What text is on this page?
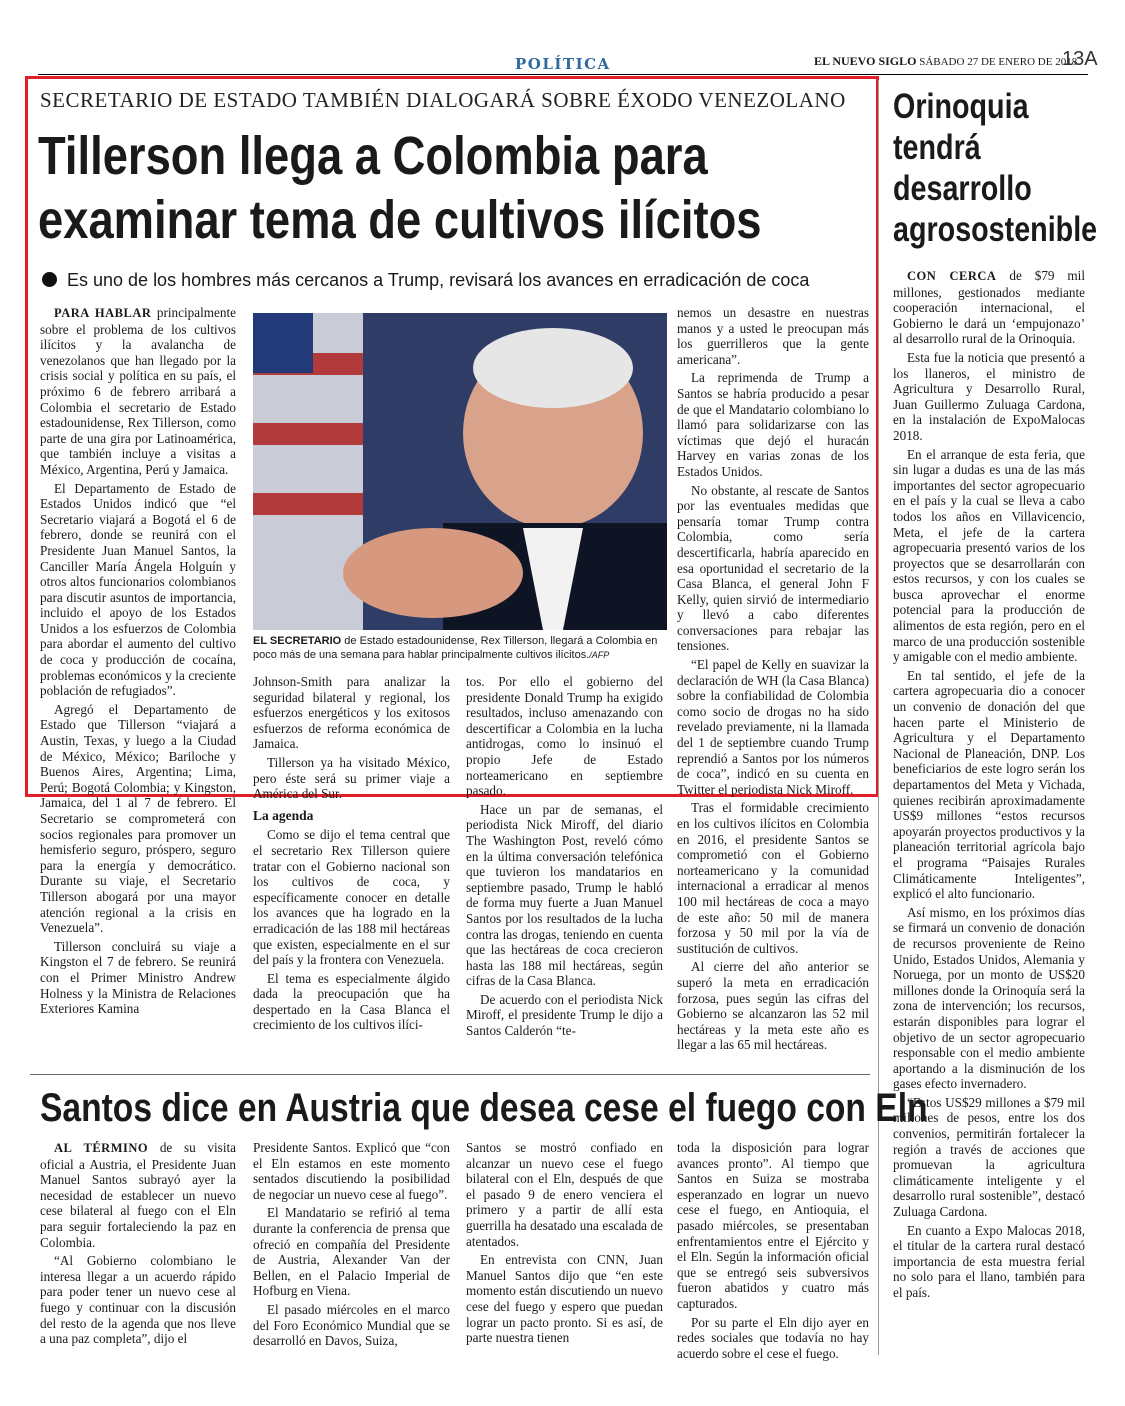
POLÍTICA	EL NUEVO SIGLO SÁBADO 27 DE ENERO DE 2018
13A
SECRETARIO DE ESTADO TAMBIÉN DIALOGARÁ SOBRE ÉXODO VENEZOLANO
Tillerson llega a Colombia para
examinar tema de cultivos ilícitos
Es uno de los hombres más cercanos a Trump, revisará los avances en erradicación de coca

PARA HABLAR principalmente sobre el problema de los cultivos ilícitos y la avalancha de venezolanos que han llegado por la crisis social y política en su país, el próximo 6 de febrero arribará a Colombia el secretario de Estado estadounidense, Rex Tillerson, como parte de una gira por Latinoamérica, que también incluye a visitas a México, Argentina, Perú y Jamaica.

El Departamento de Estado de Estados Unidos indicó que “el Secretario viajará a Bogotá el 6 de febrero, donde se reunirá con el Presidente Juan Manuel Santos, la Canciller María Ángela Holguín y otros altos funcionarios colombianos para discutir asuntos de importancia, incluido el apoyo de los Estados Unidos a los esfuerzos de Colombia para abordar el aumento del cultivo de coca y producción de cocaína, problemas económicos y la creciente población de refugiados”.

Agregó el Departamento de Estado que Tillerson “viajará a Austin, Texas, y luego a la Ciudad de México, México; Bariloche y Buenos Aires, Argentina; Lima, Perú; Bogotá Colombia; y Kingston, Jamaica, del 1 al 7 de febrero. El Secretario se comprometerá con socios regionales para promover un hemisferio seguro, próspero, seguro para la energía y democrático. Durante su viaje, el Secretario Tillerson abogará por una mayor atención regional a la crisis en Venezuela”.

Tillerson concluirá su viaje a Kingston el 7 de febrero. Se reunirá con el Primer Ministro Andrew Holness y la Ministra de Relaciones Exteriores Kamina

EL SECRETARIO de Estado estadounidense, Rex Tillerson, llegará a Colombia en poco más de una semana para hablar principalmente cultivos ilícitos./AFP

Johnson-Smith para analizar la seguridad bilateral y regional, los esfuerzos energéticos y los exitosos esfuerzos de reforma económica de Jamaica.

Tillerson ya ha visitado México, pero éste será su primer viaje a América del Sur.

La agenda

Como se dijo el tema central que el secretario Rex Tillerson quiere tratar con el Gobierno nacional son los cultivos de coca, y específicamente conocer en detalle los avances que ha logrado en la erradicación de las 188 mil hectáreas que existen, especialmente en el sur del país y la frontera con Venezuela.

El tema es especialmente álgido dada la preocupación que ha despertado en la Casa Blanca el crecimiento de los cultivos ilíci-

tos. Por ello el gobierno del presidente Donald Trump ha exigido resultados, incluso amenazando con descertificar a Colombia en la lucha antidrogas, como lo insinuó el propio Jefe de Estado norteamericano en septiembre pasado.

Hace un par de semanas, el periodista Nick Miroff, del diario The Washington Post, reveló cómo en la última conversación telefónica que tuvieron los mandatarios en septiembre pasado, Trump le habló de forma muy fuerte a Juan Manuel Santos por los resultados de la lucha contra las drogas, teniendo en cuenta que las hectáreas de coca crecieron hasta las 188 mil hectáreas, según cifras de la Casa Blanca.

De acuerdo con el periodista Nick Miroff, el presidente Trump le dijo a Santos Calderón “te-

nemos un desastre en nuestras manos y a usted le preocupan más los guerrilleros que la gente americana”.

La reprimenda de Trump a Santos se habría producido a pesar de que el Mandatario colombiano lo llamó para solidarizarse con las víctimas que dejó el huracán Harvey en varias zonas de los Estados Unidos.

No obstante, al rescate de Santos por las eventuales medidas que pensaría tomar Trump contra Colombia, como sería descertificarla, habría aparecido en esa oportunidad el secretario de la Casa Blanca, el general John F Kelly, quien sirvió de intermediario y llevó a cabo diferentes conversaciones para rebajar las tensiones.

“El papel de Kelly en suavizar la declaración de WH (la Casa Blanca) sobre la confiabilidad de Colombia como socio de drogas no ha sido revelado previamente, ni la llamada del 1 de septiembre cuando Trump reprendió a Santos por los números de coca”, indicó en su cuenta en Twitter el periodista Nick Miroff.

Tras el formidable crecimiento en los cultivos ilícitos en Colombia en 2016, el presidente Santos se comprometió con el Gobierno norteamericano y la comunidad internacional a erradicar al menos 100 mil hectáreas de coca a mayo de este año: 50 mil de manera forzosa y 50 mil por la vía de sustitución de cultivos.

Al cierre del año anterior se superó la meta en erradicación forzosa, pues según las cifras del Gobierno se alcanzaron las 52 mil hectáreas y la meta este año es llegar a las 65 mil hectáreas.

Orinoquia
tendrá
desarrollo
agrosostenible

CON CERCA de $79 mil millones, gestionados mediante cooperación internacional, el Gobierno le dará un ‘empujonazo’ al desarrollo rural de la Orinoquia.

Esta fue la noticia que presentó a los llaneros, el ministro de Agricultura y Desarrollo Rural, Juan Guillermo Zuluaga Cardona, en la instalación de ExpoMalocas 2018.

En el arranque de esta feria, que sin lugar a dudas es una de las más importantes del sector agropecuario en el país y la cual se lleva a cabo todos los años en Villavicencio, Meta, el jefe de la cartera agropecuaria presentó varios de los proyectos que se desarrollarán con estos recursos, y con los cuales se busca aprovechar el enorme potencial para la producción de alimentos de esta región, pero en el marco de una producción sostenible y amigable con el medio ambiente.

En tal sentido, el jefe de la cartera agropecuaria dio a conocer un convenio de donación del que hacen parte el Ministerio de Agricultura y el Departamento Nacional de Planeación, DNP. Los beneficiarios de este logro serán los departamentos del Meta y Vichada, quienes recibirán aproximadamente US$9 millones “estos recursos apoyarán proyectos productivos y la planeación territorial agrícola bajo el programa “Paisajes Rurales Climáticamente Inteligentes”, explicó el alto funcionario.

Así mismo, en los próximos días se firmará un convenio de donación de recursos proveniente de Reino Unido, Estados Unidos, Alemania y Noruega, por un monto de US$20 millones donde la Orinoquía será la zona de intervención; los recursos, estarán disponibles para lograr el objetivo de un sector agropecuario responsable con el medio ambiente aportando a la disminución de los gases efecto invernadero.

“Estos US$29 millones a $79 mil millones de pesos, entre los dos convenios, permitirán fortalecer la región a través de acciones que promuevan la agricultura climáticamente inteligente y el desarrollo rural sostenible”, destacó Zuluaga Cardona.

En cuanto a Expo Malocas 2018, el titular de la cartera rural destacó importancia de esta muestra ferial no solo para el llano, también para el país.

Santos dice en Austria que desea cese el fuego con Eln

AL TÉRMINO de su visita oficial a Austria, el Presidente Juan Manuel Santos subrayó ayer la necesidad de establecer un nuevo cese bilateral al fuego con el Eln para seguir fortaleciendo la paz en Colombia.

“Al Gobierno colombiano le interesa llegar a un acuerdo rápido para poder tener un nuevo cese al fuego y continuar con la discusión del resto de la agenda que nos lleve a una paz completa”, dijo el

Presidente Santos. Explicó que “con el Eln estamos en este momento sentados discutiendo la posibilidad de negociar un nuevo cese al fuego”.

El Mandatario se refirió al tema durante la conferencia de prensa que ofreció en compañía del Presidente de Austria, Alexander Van der Bellen, en el Palacio Imperial de Hofburg en Viena.

El pasado miércoles en el marco del Foro Económico Mundial que se desarrolló en Davos, Suiza,

Santos se mostró confiado en alcanzar un nuevo cese el fuego bilateral con el Eln, después de que el pasado 9 de enero venciera el primero y a partir de allí esta guerrilla ha desatado una escalada de atentados.

En entrevista con CNN, Juan Manuel Santos dijo que “en este momento están discutiendo un nuevo cese del fuego y espero que puedan lograr un pacto pronto. Si es así, de parte nuestra tienen

toda la disposición para lograr avances pronto”. Al tiempo que Santos en Suiza se mostraba esperanzado en lograr un nuevo cese el fuego, en Antioquia, el pasado miércoles, se presentaban enfrentamientos entre el Ejército y el Eln. Según la información oficial que se entregó seis subversivos fueron abatidos y cuatro más capturados.

Por su parte el Eln dijo ayer en redes sociales que todavía no hay acuerdo sobre el cese el fuego.
